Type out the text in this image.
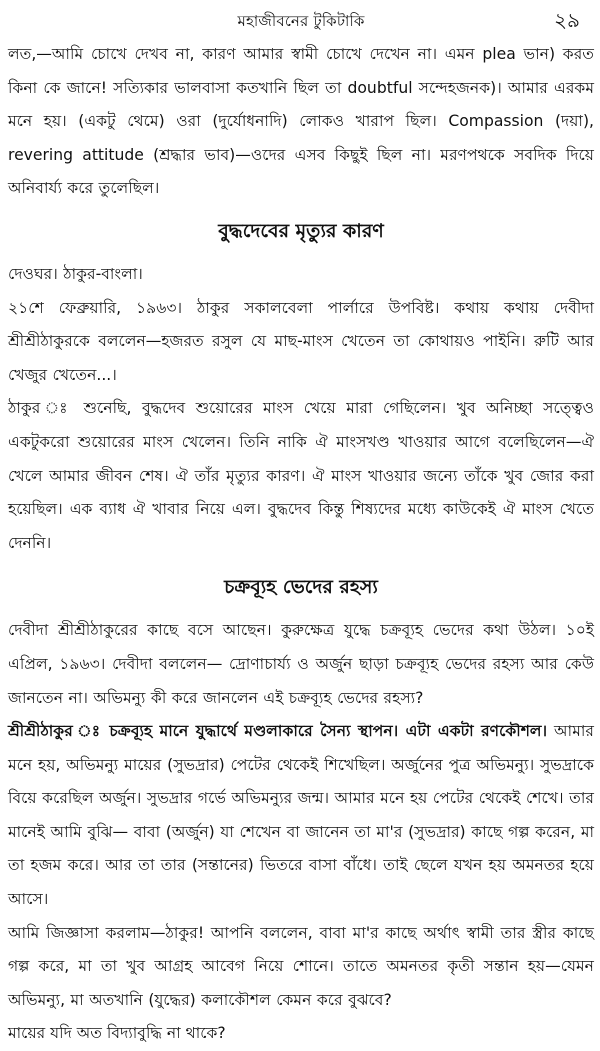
মহাজীবনের টুকিটাকি	২৯

লত,—আমি চোখে দেখব না, কারণ আমার স্বামী চোখে দেখেন না। এমন plea ভান) করত কিনা কে জানে! সত্যিকার ভালবাসা কতখানি ছিল তা doubtful সন্দেহজনক)। আমার এরকম মনে হয়। (একটু থেমে) ওরা (দুর্যোধনাদি) লোকও খারাপ ছিল। Compassion (দয়া), revering attitude (শ্রদ্ধার ভাব)—ওদের এসব কিছুই ছিল না। মরণপথকে সবদিক দিয়ে অনিবার্য্য করে তুলেছিল।

বুদ্ধদেবের মৃত্যুর কারণ

দেওঘর। ঠাকুর-বাংলা।

২১শে ফেব্রুয়ারি, ১৯৬৩। ঠাকুর সকালবেলা পার্লারে উপবিষ্ট। কথায় কথায় দেবীদা শ্রীশ্রীঠাকুরকে বললেন—হজরত রসুল যে মাছ-মাংস খেতেন তা কোথায়ও পাইনি। রুটি আর খেজুর খেতেন...।

ঠাকুর ঃ শুনেছি, বুদ্ধদেব শুয়োরের মাংস খেয়ে মারা গেছিলেন। খুব অনিচ্ছা সত্ত্বেও একটুকরো শুয়োরের মাংস খেলেন। তিনি নাকি ঐ মাংসখণ্ড খাওয়ার আগে বলেছিলেন—ঐ খেলে আমার জীবন শেষ। ঐ তাঁর মৃত্যুর কারণ। ঐ মাংস খাওয়ার জন্যে তাঁকে খুব জোর করা হয়েছিল। এক ব্যাধ ঐ খাবার নিয়ে এল। বুদ্ধদেব কিন্তু শিষ্যদের মধ্যে কাউকেই ঐ মাংস খেতে দেননি।

চক্রব্যূহ ভেদের রহস্য

দেবীদা শ্রীশ্রীঠাকুরের কাছে বসে আছেন। কুরুক্ষেত্র যুদ্ধে চক্রব্যূহ ভেদের কথা উঠল। ১০ই এপ্রিল, ১৯৬৩। দেবীদা বললেন— দ্রোণাচার্য্য ও অর্জুন ছাড়া চক্রব্যূহ ভেদের রহস্য আর কেউ জানতেন না। অভিমন্যু কী করে জানলেন এই চক্রব্যূহ ভেদের রহস্য?

শ্রীশ্রীঠাকুর ঃ চক্রব্যূহ মানে যুদ্ধার্থে মণ্ডলাকারে সৈন্য স্থাপন। এটা একটা রণকৌশল। আমার মনে হয়, অভিমন্যু মায়ের (সুভদ্রার) পেটের থেকেই শিখেছিল। অর্জুনের পুত্র অভিমন্যু। সুভদ্রাকে বিয়ে করেছিল অর্জুন। সুভদ্রার গর্ভে অভিমন্যুর জন্ম। আমার মনে হয় পেটের থেকেই শেখে। তার মানেই আমি বুঝি— বাবা (অর্জুন) যা শেখেন বা জানেন তা মা'র (সুভদ্রার) কাছে গল্প করেন, মা তা হজম করে। আর তা তার (সন্তানের) ভিতরে বাসা বাঁধে। তাই ছেলে যখন হয় অমনতর হয়ে আসে।

আমি জিজ্ঞাসা করলাম—ঠাকুর! আপনি বললেন, বাবা মা'র কাছে অর্থাৎ স্বামী তার স্ত্রীর কাছে গল্প করে, মা তা খুব আগ্রহ আবেগ নিয়ে শোনে। তাতে অমনতর কৃতী সন্তান হয়—যেমন অভিমন্যু, মা অতখানি (যুদ্ধের) কলাকৌশল কেমন করে বুঝবে?

মায়ের যদি অত বিদ্যাবুদ্ধি না থাকে?
